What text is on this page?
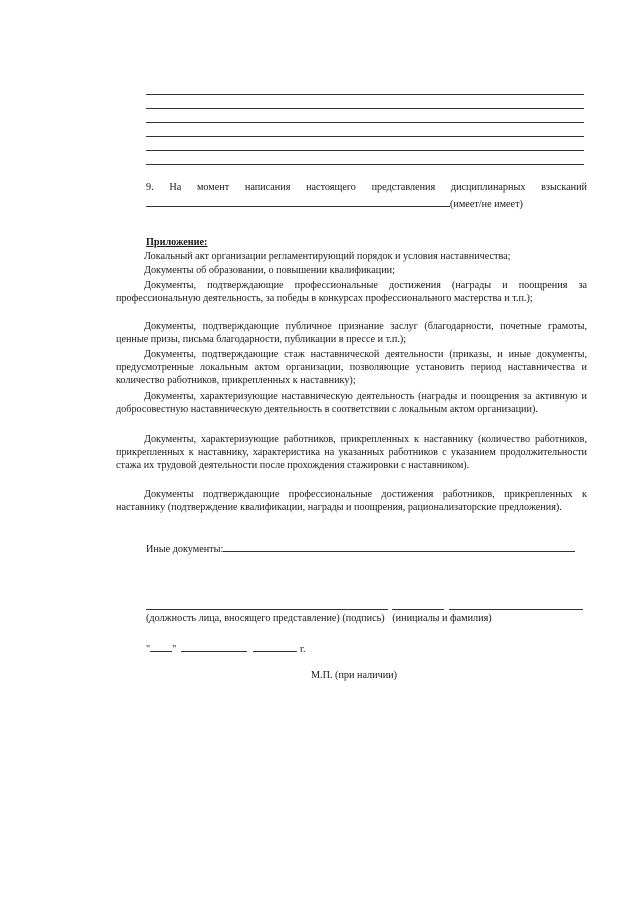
9. На момент написания настоящего представления дисциплинарных взысканий
(имеет/не имеет)
Приложение:
Локальный акт организации регламентирующий порядок и условия наставничества;
Документы об образовании, о повышении квалификации;
Документы, подтверждающие профессиональные достижения (награды и поощрения за профессиональную деятельность, за победы в конкурсах профессионального мастерства и т.п.);
Документы, подтверждающие публичное признание заслуг (благодарности, почетные грамоты, ценные призы, письма благодарности, публикации в прессе и т.п.);
Документы, подтверждающие стаж наставнической деятельности (приказы, и иные документы, предусмотренные локальным актом организации, позволяющие установить период наставничества и количество работников, прикрепленных к наставнику);
Документы, характеризующие наставническую деятельность (награды и поощрения за активную и добросовестную наставническую деятельность в соответствии с локальным актом организации).
Документы, характеризующие работников, прикрепленных к наставнику (количество работников, прикрепленных к наставнику, характеристика на указанных работников с указанием продолжительности стажа их трудовой деятельности после прохождения стажировки с наставником).
Документы подтверждающие профессиональные достижения работников, прикрепленных к наставнику (подтверждение квалификации, награды и поощрения, рационализаторские предложения).
Иные документы:
(должность лица, вносящего представление) (подпись)   (инициалы и фамилия)
" "	г.
М.П. (при наличии)
